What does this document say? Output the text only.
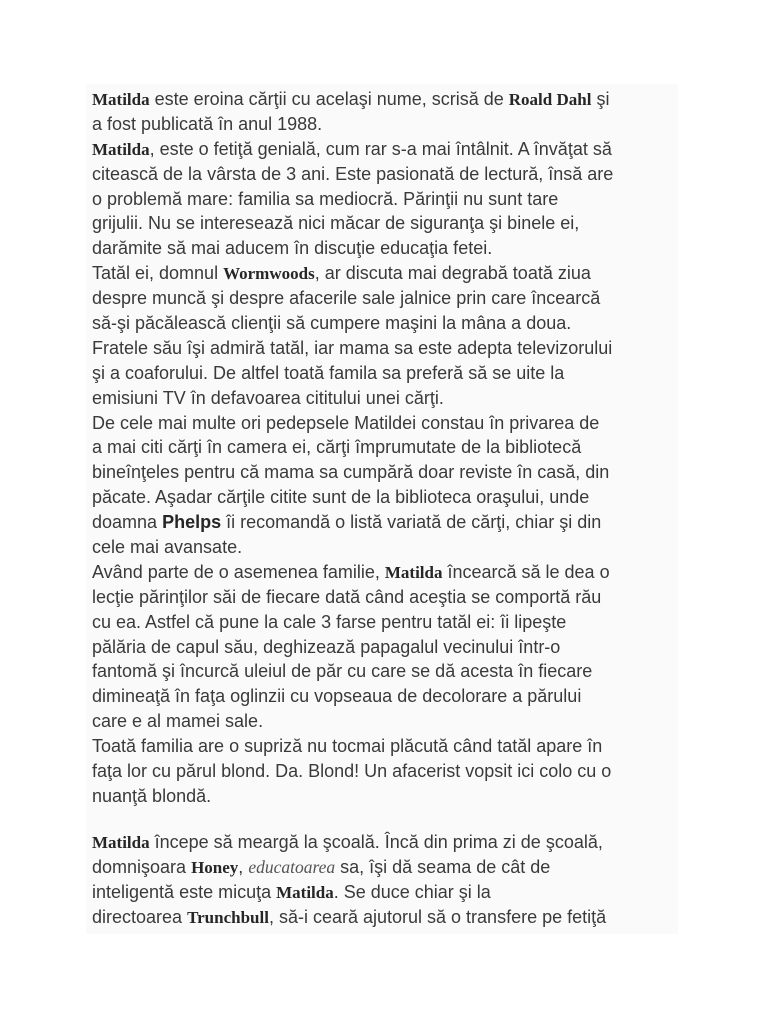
Matilda este eroina cărţii cu acelaşi nume, scrisă de Roald Dahl şi
a fost publicată în anul 1988.
Matilda, este o fetiţă genială, cum rar s-a mai întâlnit. A învăţat să
citească de la vârsta de 3 ani. Este pasionată de lectură, însă are
o problemă mare: familia sa mediocră. Părinţii nu sunt tare
grijulii. Nu se interesează nici măcar de siguranţa şi binele ei,
darămite să mai aducem în discuţie educaţia fetei.
Tatăl ei, domnul Wormwoods, ar discuta mai degrabă toată ziua
despre muncă şi despre afacerile sale jalnice prin care încearcă
să-şi păcălească clienţii să cumpere maşini la mâna a doua.
Fratele său îşi admiră tatăl, iar mama sa este adepta televizorului
şi a coaforului. De altfel toată famila sa preferă să se uite la
emisiuni TV în defavoarea cititului unei cărţi.
De cele mai multe ori pedepsele Matildei constau în privarea de
a mai citi cărţi în camera ei, cărţi împrumutate de la bibliotecă
bineînţeles pentru că mama sa cumpără doar reviste în casă, din
păcate. Aşadar cărţile citite sunt de la biblioteca oraşului, unde
doamna Phelps îi recomandă o listă variată de cărţi, chiar şi din
cele mai avansate.
Având parte de o asemenea familie, Matilda încearcă să le dea o
lecţie părinţilor săi de fiecare dată când aceştia se comportă rău
cu ea. Astfel că pune la cale 3 farse pentru tatăl ei: îi lipeşte
pălăria de capul său, deghizează papagalul vecinului într-o
fantomă şi încurcă uleiul de păr cu care se dă acesta în fiecare
dimineaţă în faţa oglinzii cu vopseaua de decolorare a părului
care e al mamei sale.
Toată familia are o supriză nu tocmai plăcută când tatăl apare în
faţa lor cu părul blond. Da. Blond! Un afacerist vopsit ici colo cu o
nuanţă blondă.
Matilda începe să meargă la şcoală. Încă din prima zi de şcoală,
domnişoara Honey, educatoarea sa, îşi dă seama de cât de
inteligentă este micuţa Matilda. Se duce chiar şi la
directoarea Trunchbull, să-i ceară ajutorul să o transfere pe fetiţă
